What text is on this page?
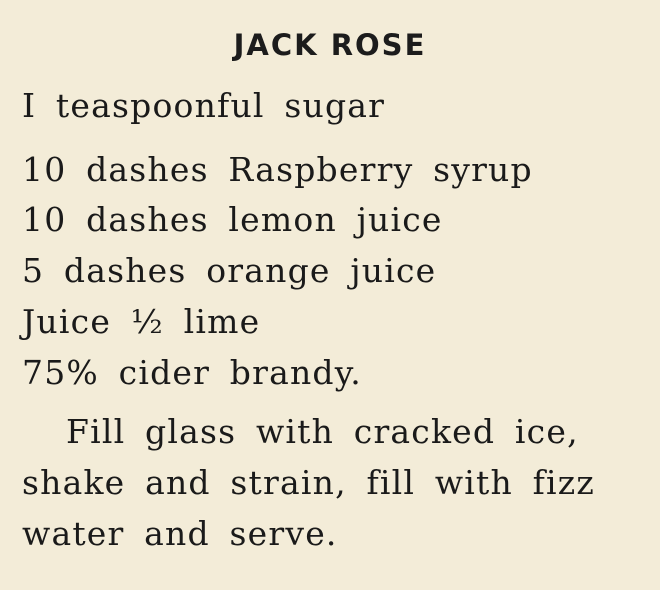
JACK ROSE

I teaspoonful sugar

10 dashes Raspberry syrup

10 dashes lemon juice

5 dashes orange juice

Juice ½ lime

75% cider brandy.

Fill glass with cracked ice,

shake and strain, fill with fizz

water and serve.
